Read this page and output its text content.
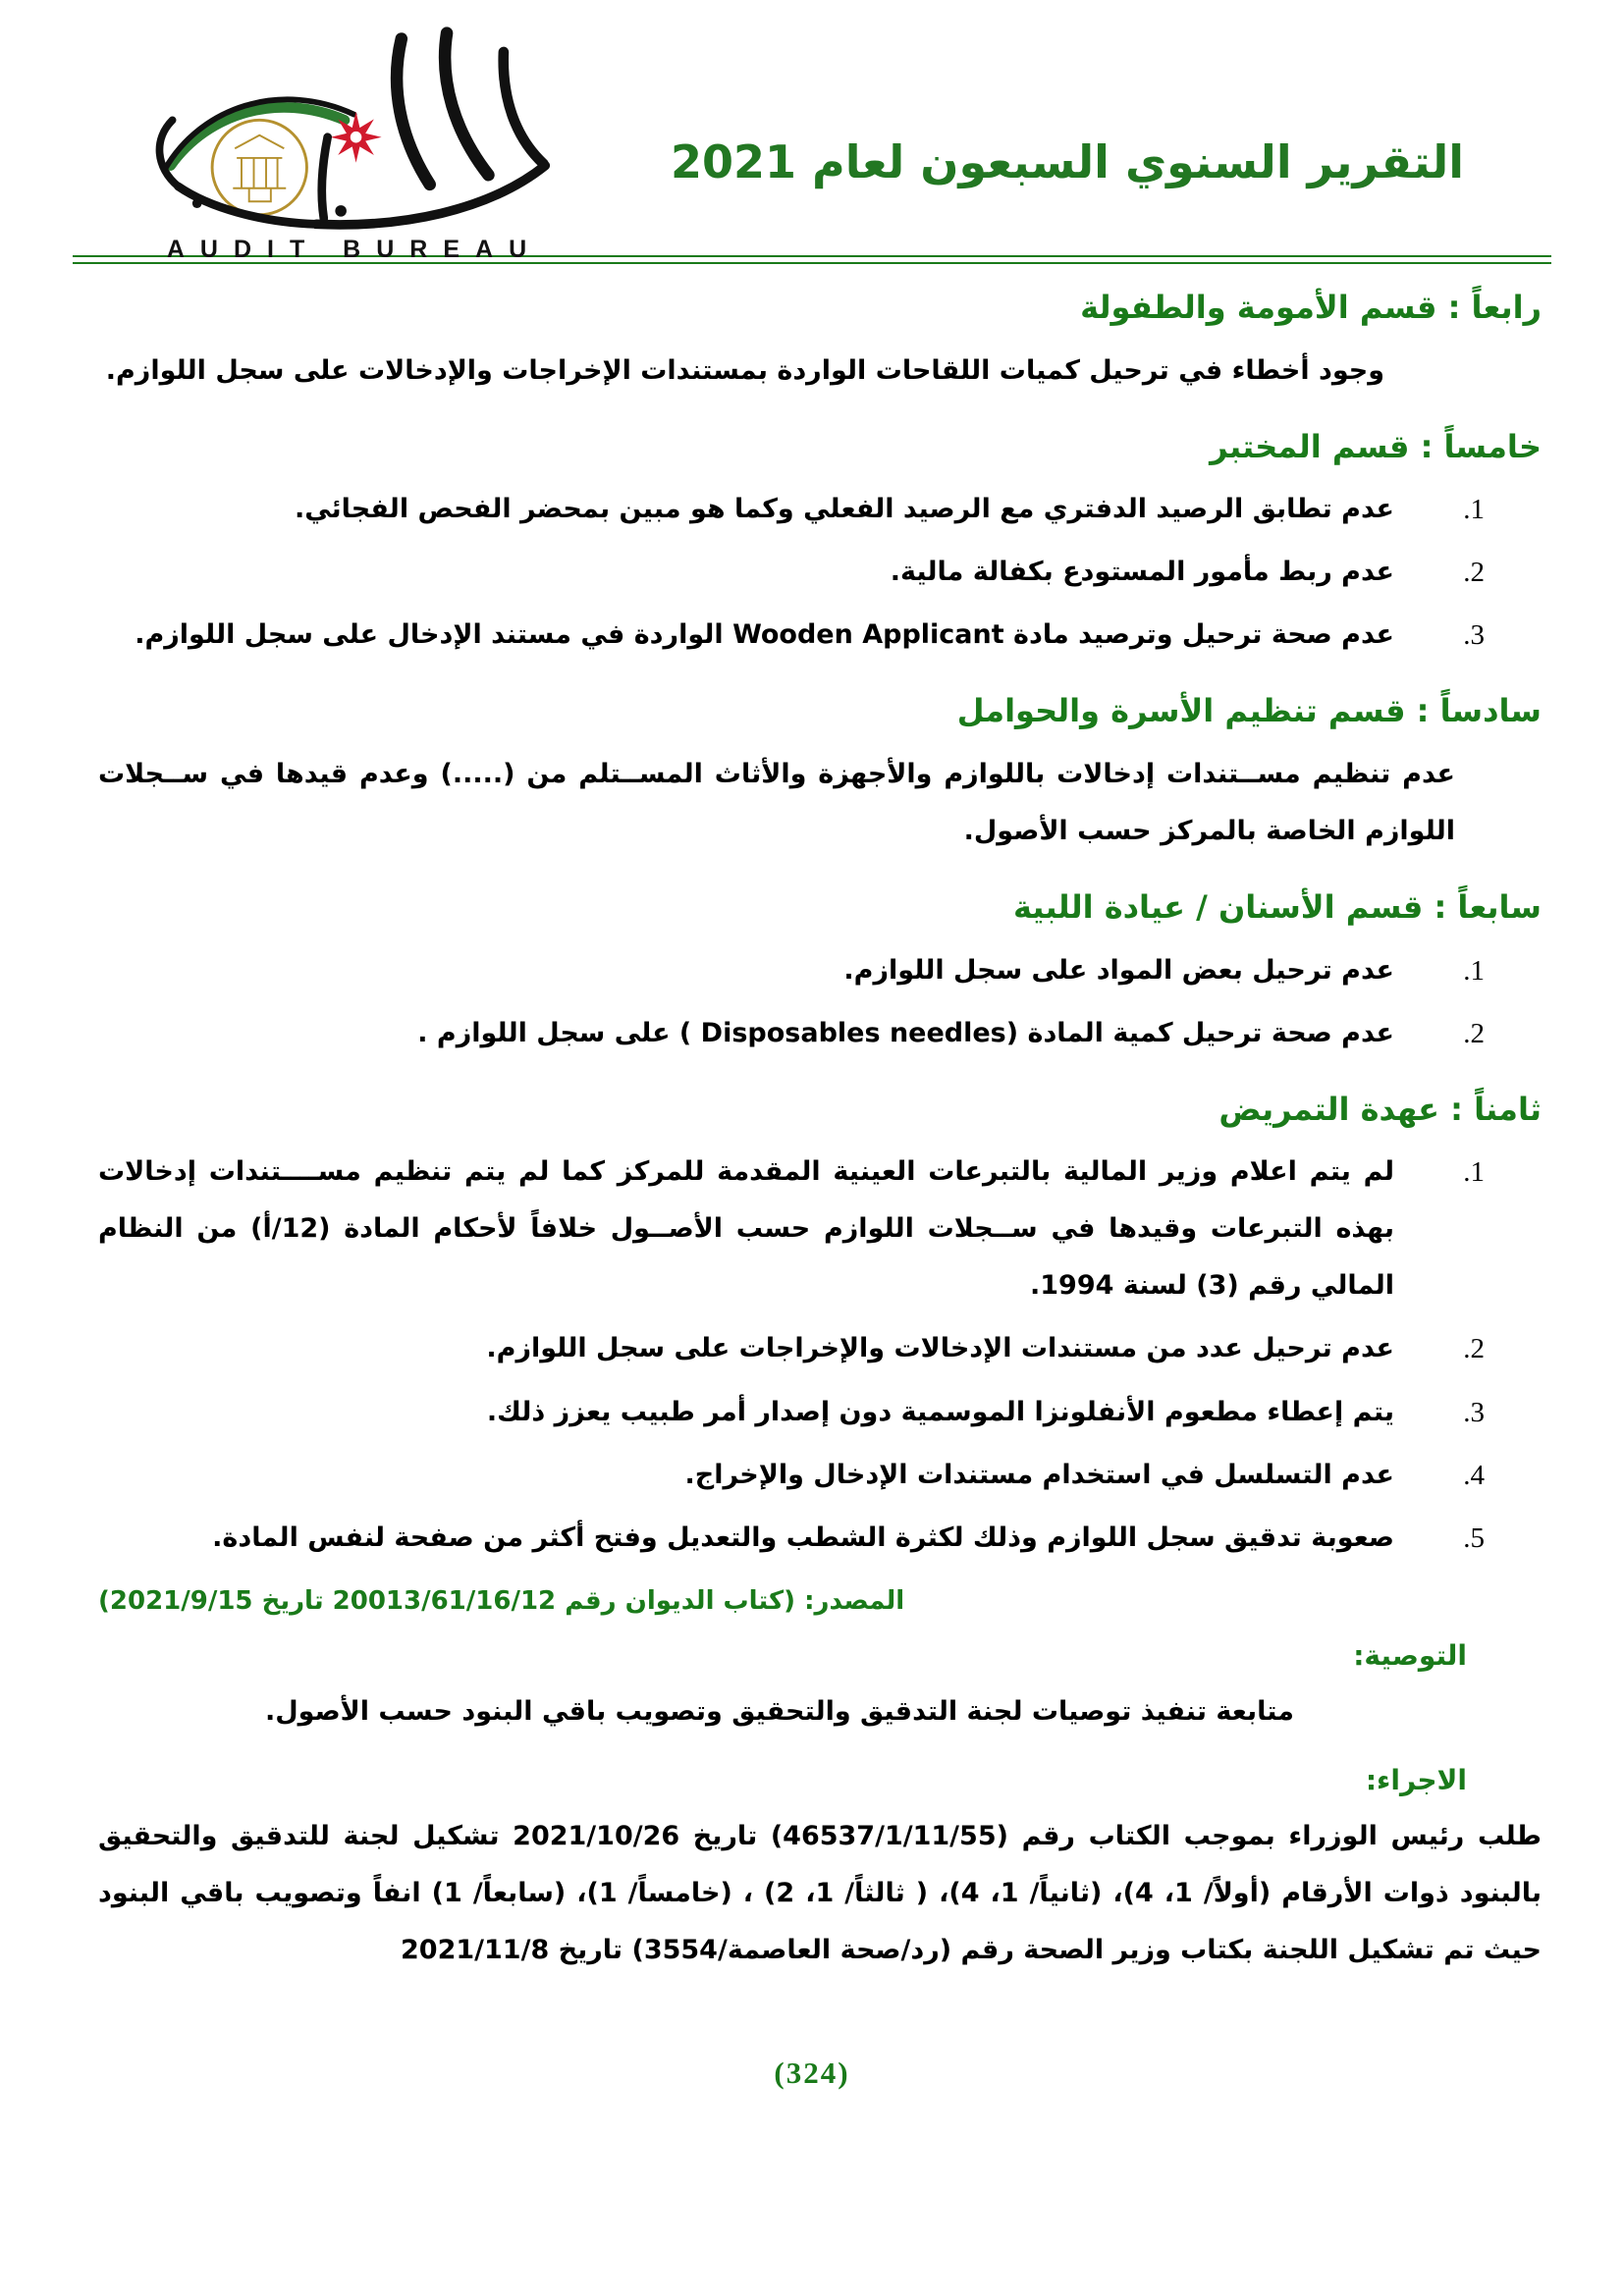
AUDIT BUREAU
التقرير السنوي السبعون لعام 2021
رابعاً : قسم الأمومة والطفولة

وجود أخطاء في ترحيل كميات اللقاحات الواردة بمستندات الإخراجات والإدخالات على سجل اللوازم.

خامساً : قسم المختبر
1.
عدم تطابق الرصيد الدفتري مع الرصيد الفعلي وكما هو مبين بمحضر الفحص الفجائي.
2.
عدم ربط مأمور المستودع بكفالة مالية.
3.
عدم صحة ترحيل وترصيد مادة Wooden Applicant الواردة في مستند الإدخال على سجل اللوازم.
سادساً : قسم تنظيم الأسرة والحوامل

عدم تنظيم مســتندات إدخالات باللوازم والأجهزة والأثاث المســتلم من (.....) وعدم قيدها في ســجلات اللوازم الخاصة بالمركز حسب الأصول.

سابعاً : قسم الأسنان / عيادة اللبية
1.
عدم ترحيل بعض المواد على سجل اللوازم.
2.
عدم صحة ترحيل كمية المادة (Disposables needles ) على سجل اللوازم .
ثامناً : عهدة التمريض
1.
لم يتم اعلام وزير المالية بالتبرعات العينية المقدمة للمركز كما لم يتم تنظيم مســــتندات إدخالات بهذه التبرعات وقيدها في ســجلات اللوازم حسب الأصــول خلافاً لأحكام المادة (12/أ) من النظام المالي رقم (3) لسنة 1994.
2.
عدم ترحيل عدد من مستندات الإدخالات والإخراجات على سجل اللوازم.
3.
يتم إعطاء مطعوم الأنفلونزا الموسمية دون إصدار أمر طبيب يعزز ذلك.
4.
عدم التسلسل في استخدام مستندات الإدخال والإخراج.
5.
صعوبة تدقيق سجل اللوازم وذلك لكثرة الشطب والتعديل وفتح أكثر من صفحة لنفس المادة.
المصدر: (كتاب الديوان رقم 20013/61/16/12 تاريخ 2021/9/15)
التوصية:

متابعة تنفيذ توصيات لجنة التدقيق والتحقيق وتصويب باقي البنود حسب الأصول.

الاجراء:

طلب رئيس الوزراء بموجب الكتاب رقم (46537/1/11/55) تاريخ 2021/10/26 تشكيل لجنة للتدقيق والتحقيق بالبنود ذوات الأرقام (أولاً/ 1، 4)، (ثانياً/ 1، 4)، ( ثالثاً/ 1، 2) ، (خامساً/ 1)، (سابعاً/ 1) انفاً وتصويب باقي البنود حيث تم تشكيل اللجنة بكتاب وزير الصحة رقم (رد/صحة العاصمة/3554) تاريخ 2021/11/8

(324)
